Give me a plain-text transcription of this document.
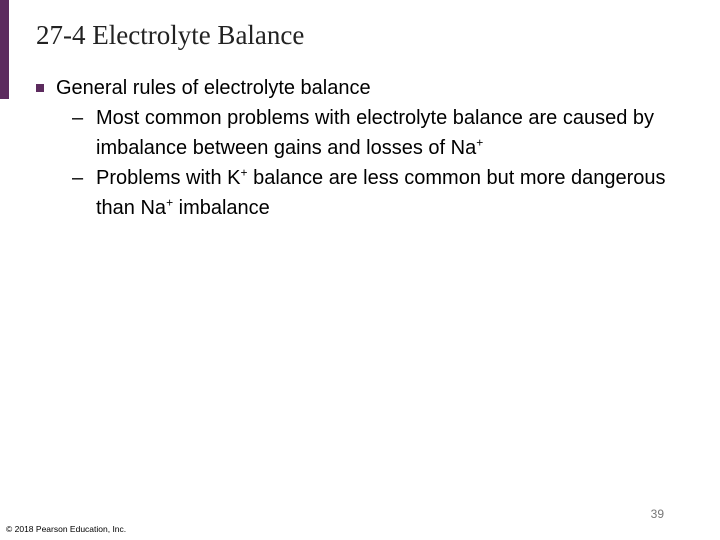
27-4 Electrolyte Balance
General rules of electrolyte balance
– Most common problems with electrolyte balance are caused by imbalance between gains and losses of Na+
– Problems with K+ balance are less common but more dangerous than Na+ imbalance
39
© 2018 Pearson Education, Inc.
